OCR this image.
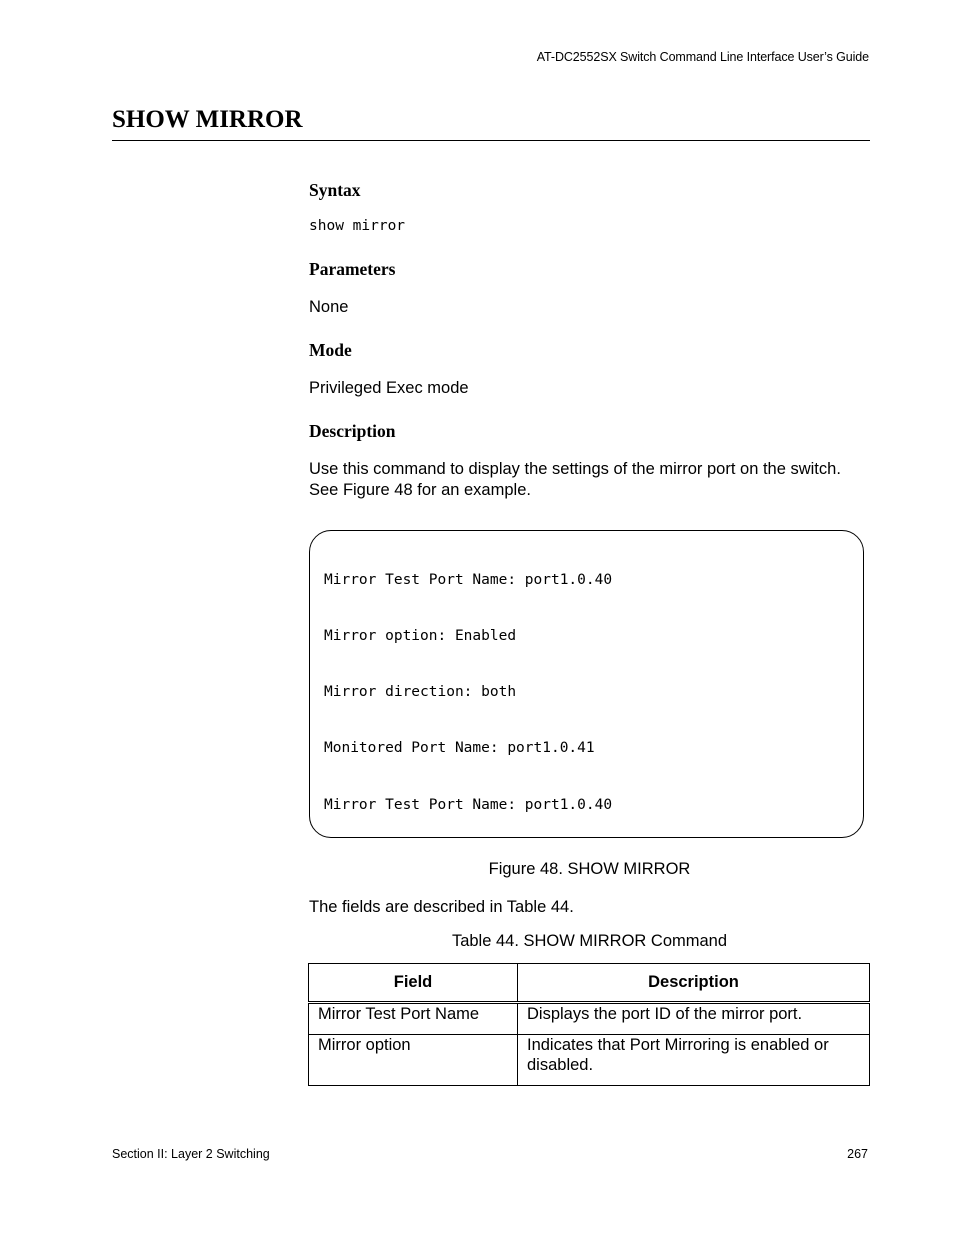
AT-DC2552SX Switch Command Line Interface User’s Guide
SHOW MIRROR
Syntax

show mirror

Parameters

None

Mode

Privileged Exec mode

Description

Use this command to display the settings of the mirror port on the switch.

See Figure 48 for an example.

Mirror Test Port Name: port1.0.40

Mirror option: Enabled

Mirror direction: both

Monitored Port Name: port1.0.41

Mirror Test Port Name: port1.0.40

Figure 48. SHOW MIRROR

The fields are described in Table 44.

Table 44. SHOW MIRROR Command

Field	Description
Mirror Test Port Name	Displays the port ID of the mirror port.
Mirror option	Indicates that Port Mirroring is enabled or disabled.
Section II: Layer 2 Switching	267
